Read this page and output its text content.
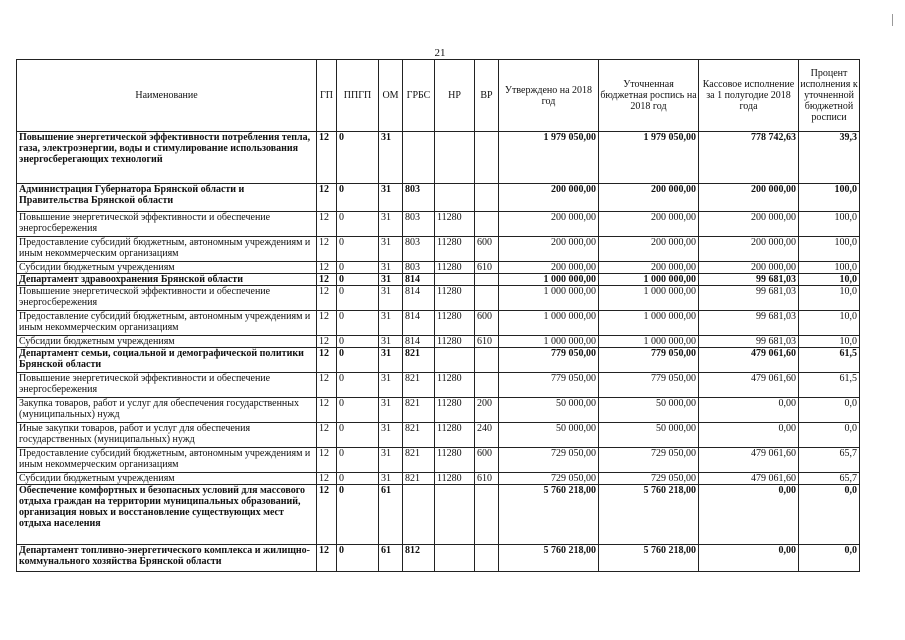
21
Наименование	ГП	ППГП	ОМ	ГРБС	НР	ВР	Утверждено на 2018 год	Уточненная бюджетная роспись на 2018 год	Кассовое исполнение за 1 полугодие 2018 года	Процент исполнения к уточненной бюджетной росписи
Повышение энергетической эффективности потребления тепла, газа, электроэнергии, воды и стимулирование использования энергосберегающих технологий	12	0	31				1 979 050,00	1 979 050,00	778 742,63	39,3
Администрация Губернатора Брянской области и Правительства Брянской области	12	0	31	803			200 000,00	200 000,00	200 000,00	100,0
Повышение энергетической эффективности и обеспечение энергосбережения	12	0	31	803	11280		200 000,00	200 000,00	200 000,00	100,0
Предоставление субсидий бюджетным, автономным учреждениям и иным некоммерческим организациям	12	0	31	803	11280	600	200 000,00	200 000,00	200 000,00	100,0
Субсидии бюджетным учреждениям	12	0	31	803	11280	610	200 000,00	200 000,00	200 000,00	100,0
Департамент здравоохранения Брянской области	12	0	31	814			1 000 000,00	1 000 000,00	99 681,03	10,0
Повышение энергетической эффективности и обеспечение энергосбережения	12	0	31	814	11280		1 000 000,00	1 000 000,00	99 681,03	10,0
Предоставление субсидий бюджетным, автономным учреждениям и иным некоммерческим организациям	12	0	31	814	11280	600	1 000 000,00	1 000 000,00	99 681,03	10,0
Субсидии бюджетным учреждениям	12	0	31	814	11280	610	1 000 000,00	1 000 000,00	99 681,03	10,0
Департамент семьи, социальной и демографической политики Брянской области	12	0	31	821			779 050,00	779 050,00	479 061,60	61,5
Повышение энергетической эффективности и обеспечение энергосбережения	12	0	31	821	11280		779 050,00	779 050,00	479 061,60	61,5
Закупка товаров, работ и услуг для обеспечения государственных (муниципальных) нужд	12	0	31	821	11280	200	50 000,00	50 000,00	0,00	0,0
Иные закупки товаров, работ и услуг для обеспечения государственных (муниципальных) нужд	12	0	31	821	11280	240	50 000,00	50 000,00	0,00	0,0
Предоставление субсидий бюджетным, автономным учреждениям и иным некоммерческим организациям	12	0	31	821	11280	600	729 050,00	729 050,00	479 061,60	65,7
Субсидии бюджетным учреждениям	12	0	31	821	11280	610	729 050,00	729 050,00	479 061,60	65,7
Обеспечение комфортных и безопасных условий для массового отдыха граждан на территории муниципальных образований, организация новых и восстановление существующих мест отдыха населения	12	0	61				5 760 218,00	5 760 218,00	0,00	0,0
Департамент топливно-энергетического комплекса и жилищно-коммунального хозяйства Брянской области	12	0	61	812			5 760 218,00	5 760 218,00	0,00	0,0
